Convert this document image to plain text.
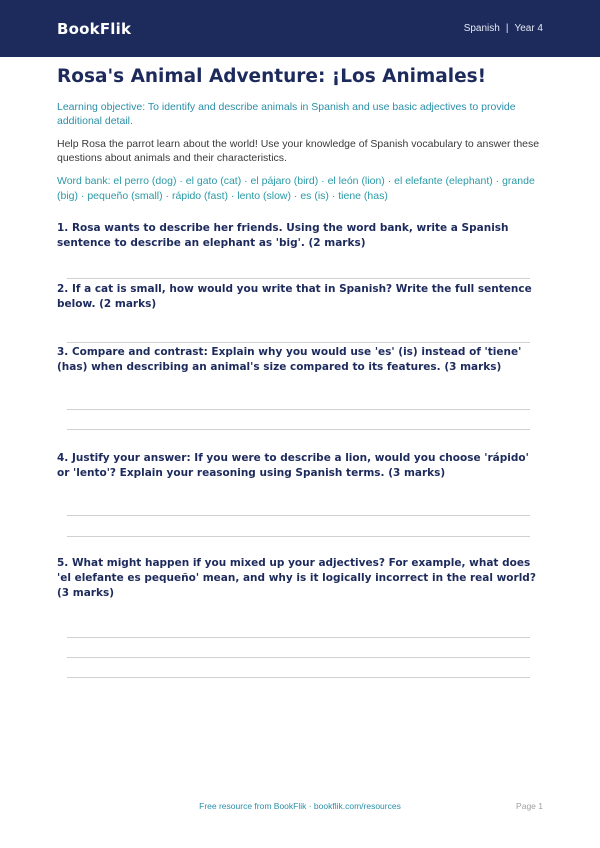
BookFlik	Spanish | Year 4
Rosa's Animal Adventure: ¡Los Animales!
Learning objective: To identify and describe animals in Spanish and use basic adjectives to provide additional detail.
Help Rosa the parrot learn about the world! Use your knowledge of Spanish vocabulary to answer these questions about animals and their characteristics.
Word bank: el perro (dog) · el gato (cat) · el pájaro (bird) · el león (lion) · el elefante (elephant) · grande (big) · pequeño (small) · rápido (fast) · lento (slow) · es (is) · tiene (has)
1. Rosa wants to describe her friends. Using the word bank, write a Spanish sentence to describe an elephant as 'big'. (2 marks)
2. If a cat is small, how would you write that in Spanish? Write the full sentence below. (2 marks)
3. Compare and contrast: Explain why you would use 'es' (is) instead of 'tiene' (has) when describing an animal's size compared to its features. (3 marks)
4. Justify your answer: If you were to describe a lion, would you choose 'rápido' or 'lento'? Explain your reasoning using Spanish terms. (3 marks)
5. What might happen if you mixed up your adjectives? For example, what does 'el elefante es pequeño' mean, and why is it logically incorrect in the real world? (3 marks)
Free resource from BookFlik · bookflik.com/resources	Page 1
